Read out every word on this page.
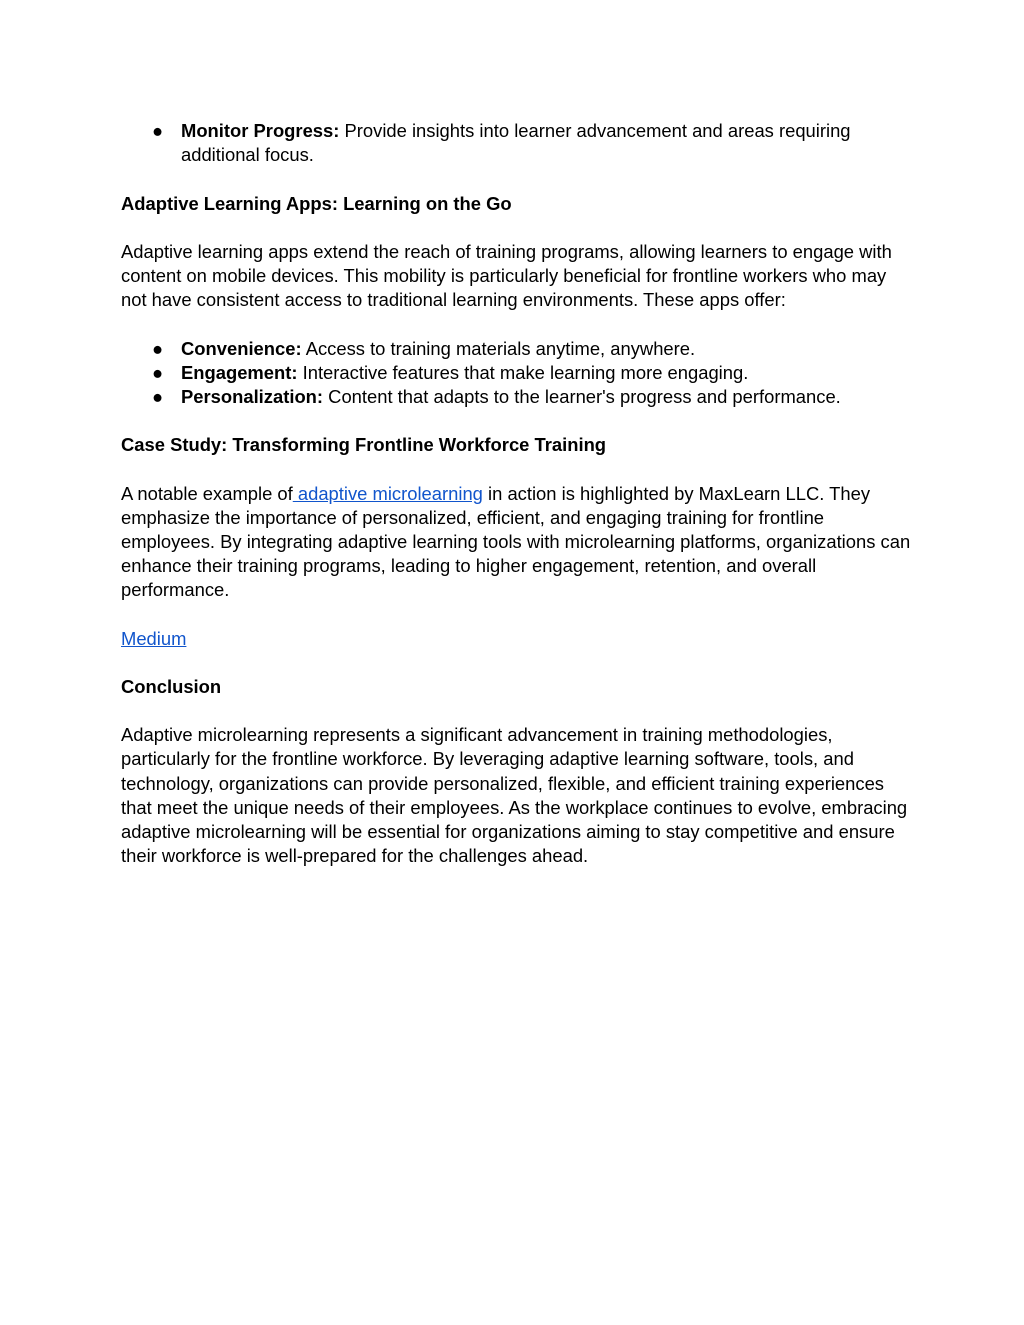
● Monitor Progress: Provide insights into learner advancement and areas requiring additional focus.

Adaptive Learning Apps: Learning on the Go

Adaptive learning apps extend the reach of training programs, allowing learners to engage with content on mobile devices. This mobility is particularly beneficial for frontline workers who may not have consistent access to traditional learning environments. These apps offer:

● Convenience: Access to training materials anytime, anywhere.
● Engagement: Interactive features that make learning more engaging.
● Personalization: Content that adapts to the learner's progress and performance.

Case Study: Transforming Frontline Workforce Training

A notable example of adaptive microlearning in action is highlighted by MaxLearn LLC. They emphasize the importance of personalized, efficient, and engaging training for frontline employees. By integrating adaptive learning tools with microlearning platforms, organizations can enhance their training programs, leading to higher engagement, retention, and overall performance.

Medium

Conclusion

Adaptive microlearning represents a significant advancement in training methodologies, particularly for the frontline workforce. By leveraging adaptive learning software, tools, and technology, organizations can provide personalized, flexible, and efficient training experiences that meet the unique needs of their employees. As the workplace continues to evolve, embracing adaptive microlearning will be essential for organizations aiming to stay competitive and ensure their workforce is well-prepared for the challenges ahead.
